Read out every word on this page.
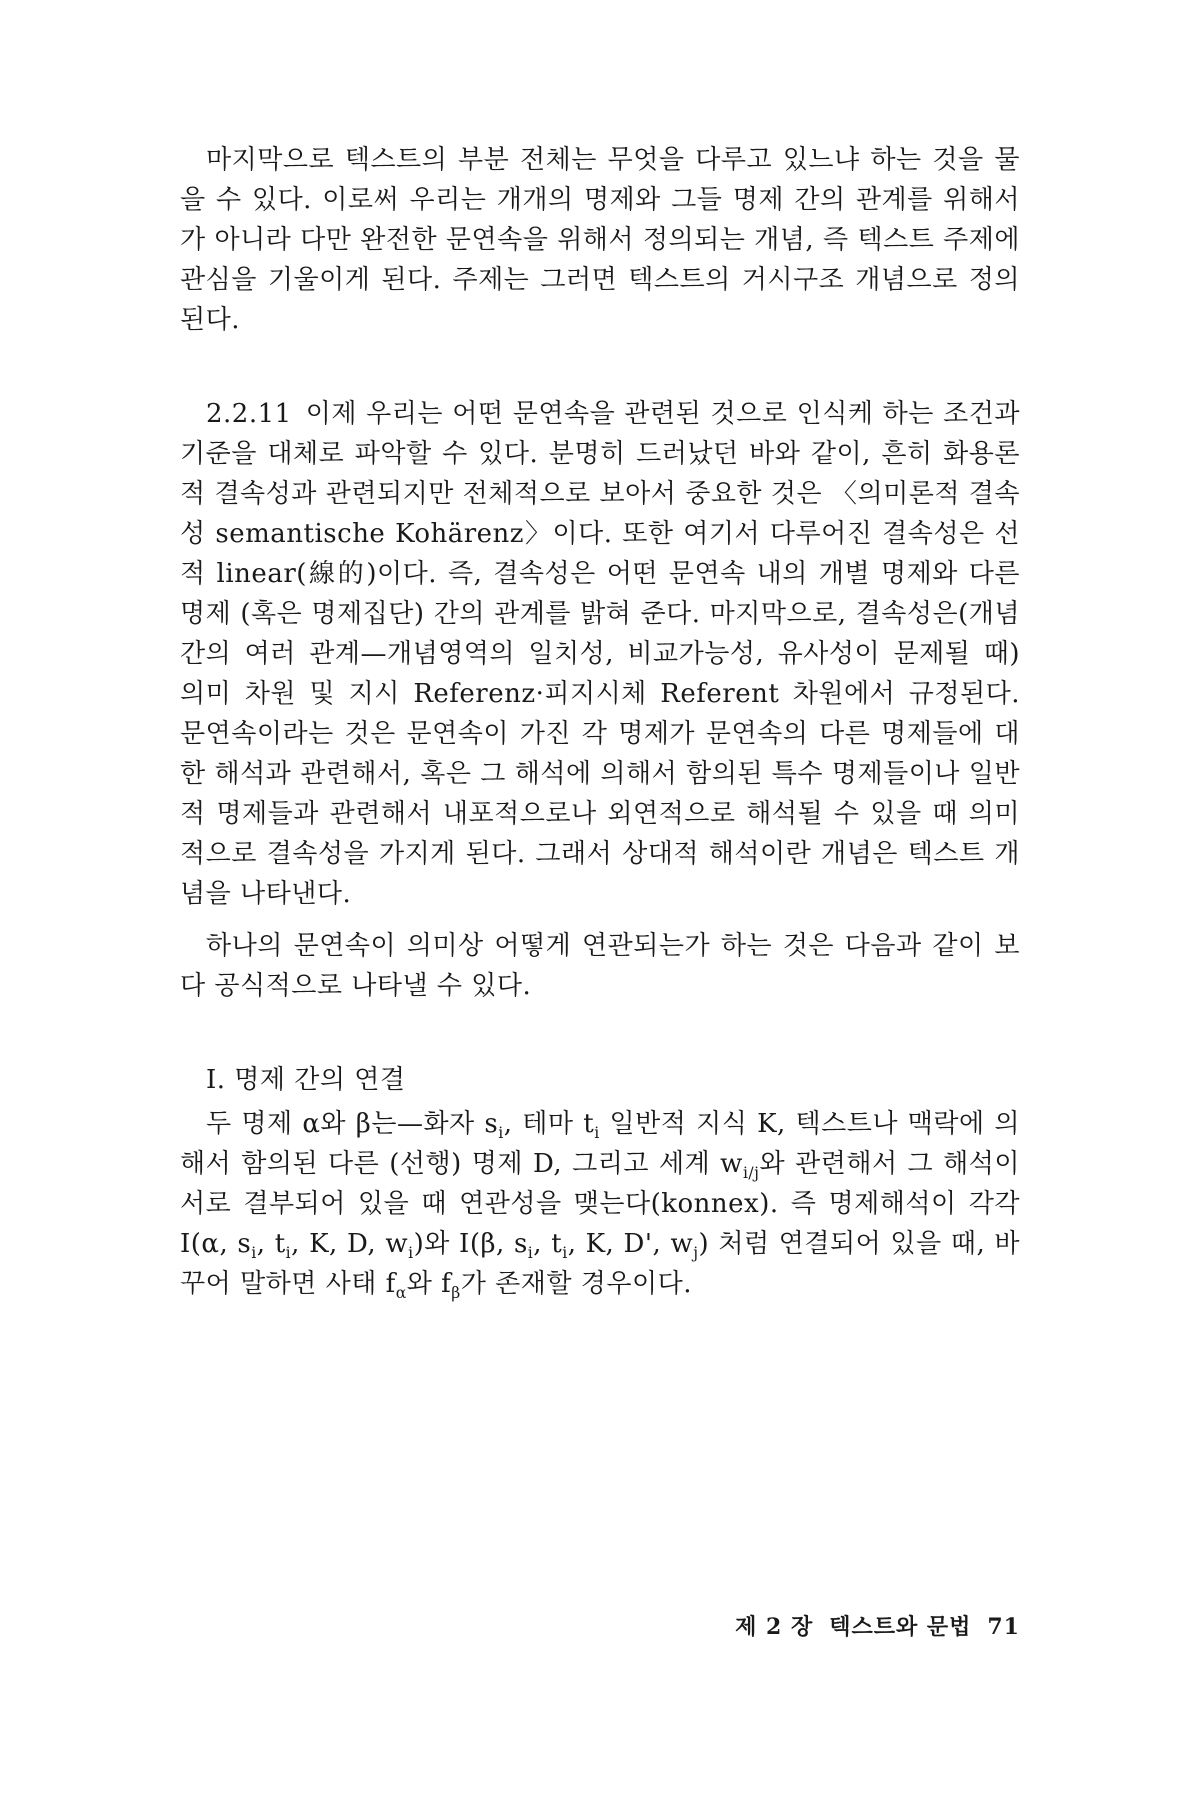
마지막으로 텍스트의 부분 전체는 무엇을 다루고 있느냐 하는 것을 물을 수 있다. 이로써 우리는 개개의 명제와 그들 명제 간의 관계를 위해서가 아니라 다만 완전한 문연속을 위해서 정의되는 개념, 즉 텍스트 주제에 관심을 기울이게 된다. 주제는 그러면 텍스트의 거시구조 개념으로 정의된다.

2.2.11 이제 우리는 어떤 문연속을 관련된 것으로 인식케 하는 조건과 기준을 대체로 파악할 수 있다. 분명히 드러났던 바와 같이, 흔히 화용론적 결속성과 관련되지만 전체적으로 보아서 중요한 것은 〈의미론적 결속성 semantische Kohärenz〉이다. 또한 여기서 다루어진 결속성은 선적 linear(線的)이다. 즉, 결속성은 어떤 문연속 내의 개별 명제와 다른 명제 (혹은 명제집단) 간의 관계를 밝혀 준다. 마지막으로, 결속성은(개념 간의 여러 관계—개념영역의 일치성, 비교가능성, 유사성이 문제될 때) 의미 차원 및 지시 Referenz·피지시체 Referent 차원에서 규정된다. 문연속이라는 것은 문연속이 가진 각 명제가 문연속의 다른 명제들에 대한 해석과 관련해서, 혹은 그 해석에 의해서 함의된 특수 명제들이나 일반적 명제들과 관련해서 내포적으로나 외연적으로 해석될 수 있을 때 의미적으로 결속성을 가지게 된다. 그래서 상대적 해석이란 개념은 텍스트 개념을 나타낸다.

하나의 문연속이 의미상 어떻게 연관되는가 하는 것은 다음과 같이 보다 공식적으로 나타낼 수 있다.

Ⅰ. 명제 간의 연결

두 명제 α와 β는—화자 $s_i$, 테마 $t_i$ 일반적 지식 K, 텍스트나 맥락에 의해서 함의된 다른 (선행) 명제 D, 그리고 세계 $w_{i/j}$와 관련해서 그 해석이 서로 결부되어 있을 때 연관성을 맺는다(konnex). 즉 명제해석이 각각 I(α, $s_i$, $t_i$, K, D, $w_i$)와 I(β, $s_i$, $t_i$, K, D', $w_j$) 처럼 연결되어 있을 때, 바꾸어 말하면 사태 $f_\alpha$와 $f_\beta$가 존재할 경우이다.

제 2 장 텍스트와 문법 71
